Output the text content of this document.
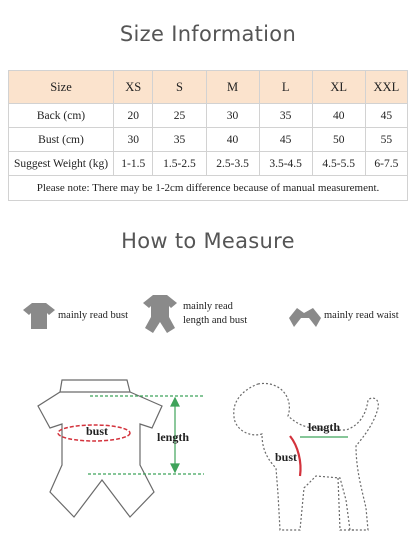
Size Information
Size	XS	S	M	L	XL	XXL
Back (cm)	20	25	30	35	40	45
Bust (cm)	30	35	40	45	50	55
Suggest Weight (kg)	1-1.5	1.5-2.5	2.5-3.5	3.5-4.5	4.5-5.5	6-7.5
Please note: There may be 1-2cm difference because of manual measurement.						
How to Measure
mainly read bust
mainly read
length and bust	mainly read waist
bust	length
length
bust
